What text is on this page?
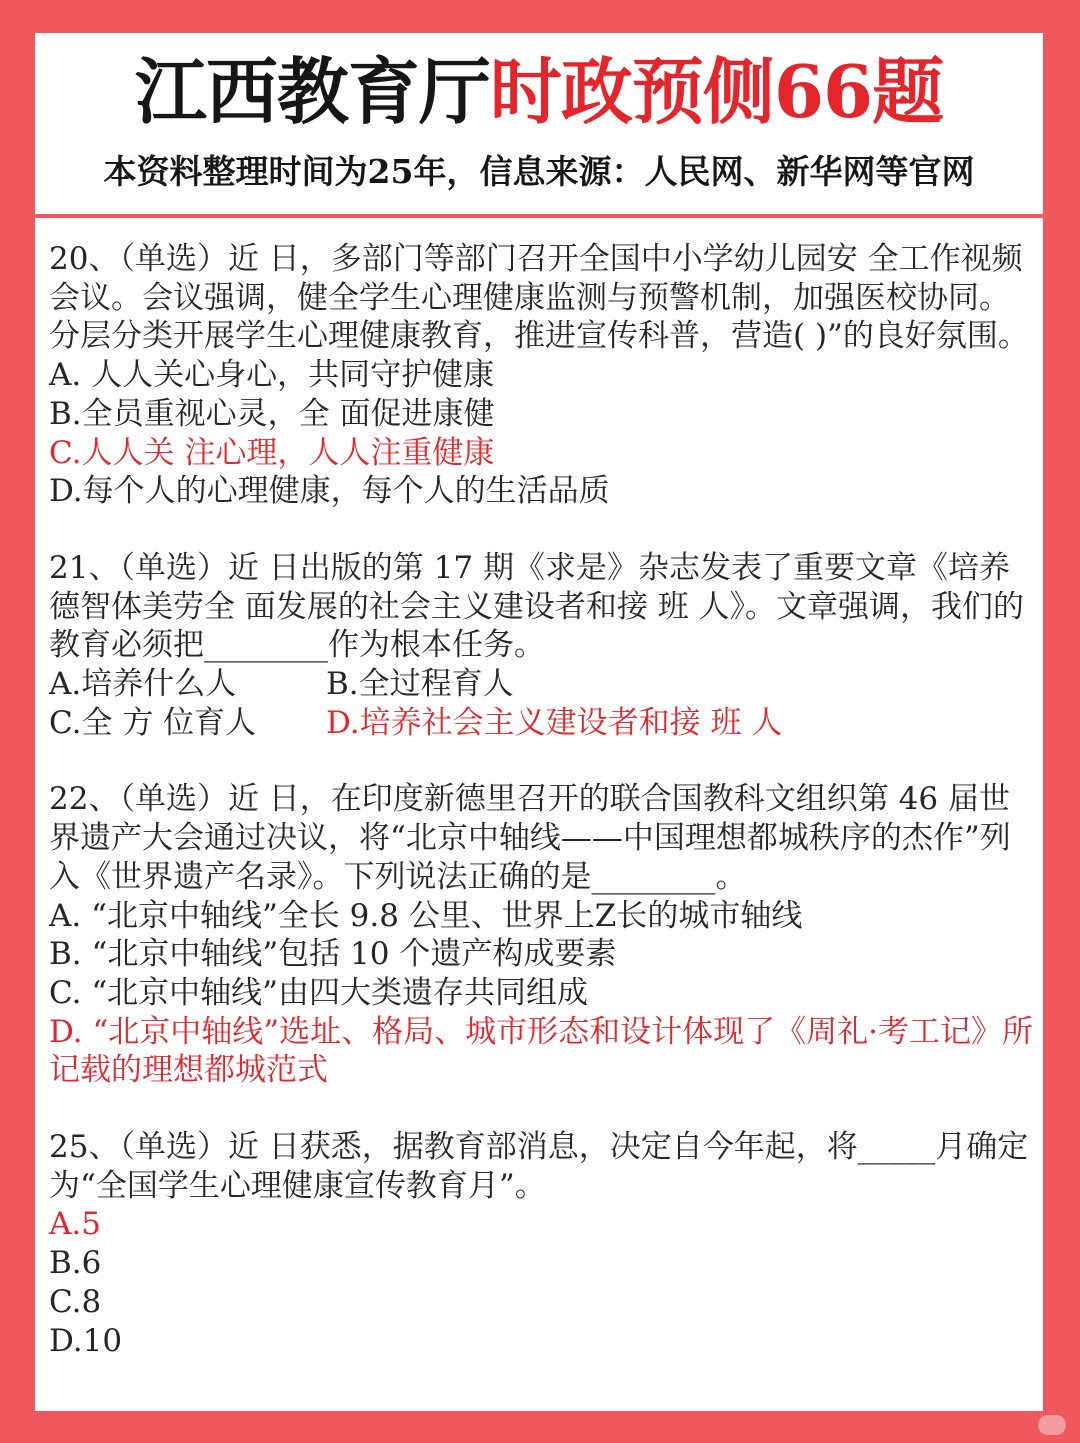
江西教育厅时政预侧66题
本资料整理时间为25年，信息来源：人民网、新华网等官网

20、（单选）近 日，多部门等部门召开全国中小学幼儿园安 全工作视频会议。会议强调，健全学生心理健康监测与预警机制，加强医校协同。分层分类开展学生心理健康教育，推进宣传科普，营造( )”的良好氛围。

A. 人人关心身心，共同守护健康

B.全员重视心灵，全 面促进康健

C.人人关 注心理，人人注重健康

D.每个人的心理健康，每个人的生活品质

21、（单选）近 日出版的第 17 期《求是》杂志发表了重要文章《培养德智体美劳全 面发展的社会主义建设者和接 班 人》。文章强调，我们的教育必须把________作为根本任务。

A.培养什么人	B.全过程育人

C.全 方 位育人	D.培养社会主义建设者和接 班 人

22、（单选）近 日，在印度新德里召开的联合国教科文组织第 46 届世界遗产大会通过决议，将“北京中轴线——中国理想都城秩序的杰作”列入《世界遗产名录》。下列说法正确的是________。

A. “北京中轴线”全长 9.8 公里、世界上Z长的城市轴线

B. “北京中轴线”包括 10 个遗产构成要素

C. “北京中轴线”由四大类遗存共同组成

D. “北京中轴线”选址、格局、城市形态和设计体现了《周礼·考工记》所记载的理想都城范式

25、（单选）近 日获悉，据教育部消息，决定自今年起，将_____月确定为“全国学生心理健康宣传教育月”。

A.5

B.6

C.8

D.10
